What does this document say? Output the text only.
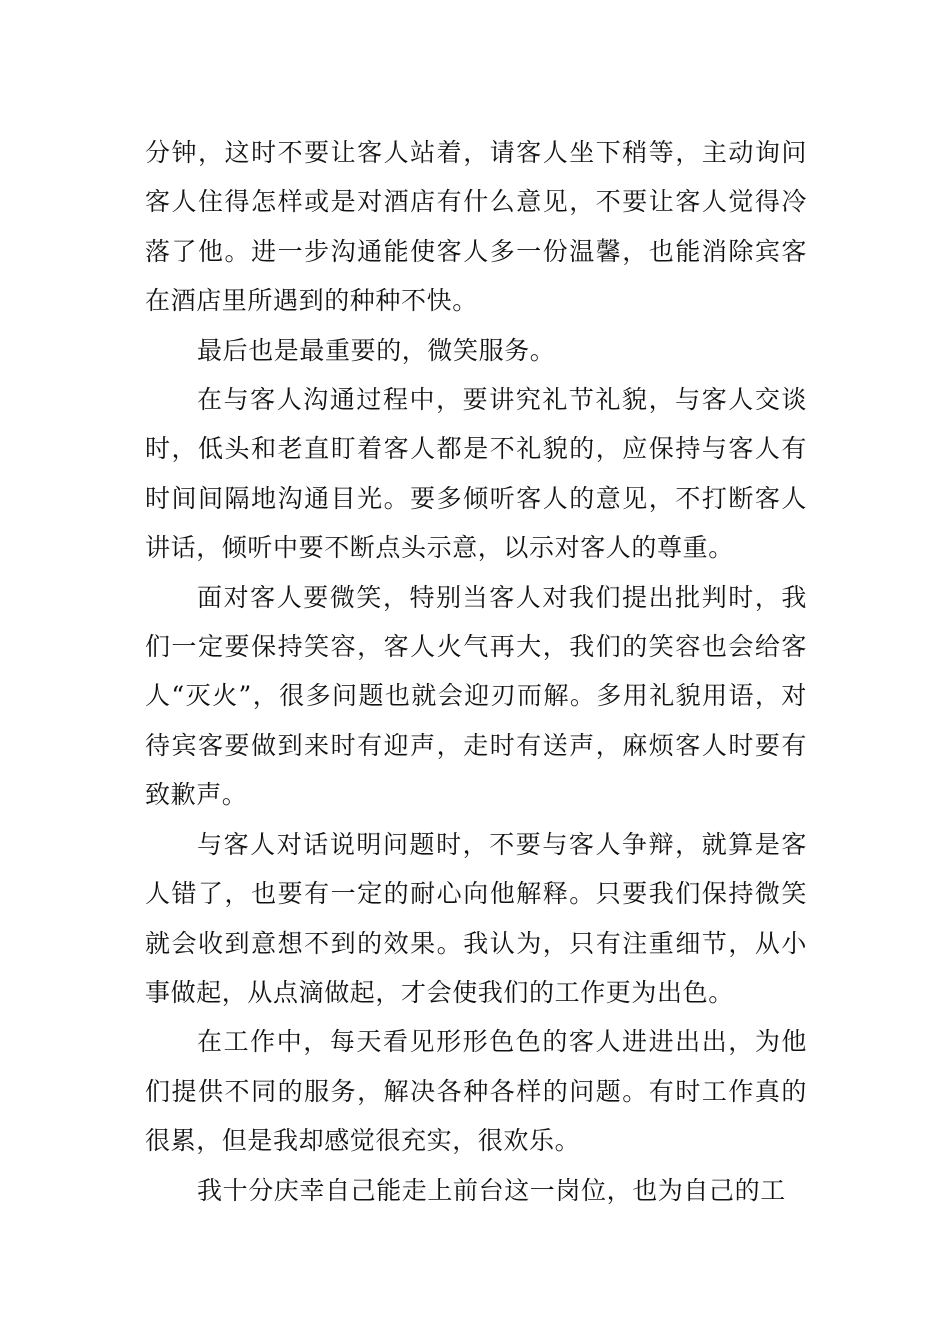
分钟，这时不要让客人站着，请客人坐下稍等，主动询问客人住得怎样或是对酒店有什么意见，不要让客人觉得冷落了他。进一步沟通能使客人多一份温馨，也能消除宾客在酒店里所遇到的种种不快。

最后也是最重要的，微笑服务。

在与客人沟通过程中，要讲究礼节礼貌，与客人交谈时，低头和老直盯着客人都是不礼貌的，应保持与客人有时间间隔地沟通目光。要多倾听客人的意见，不打断客人讲话，倾听中要不断点头示意，以示对客人的尊重。

面对客人要微笑，特别当客人对我们提出批判时，我们一定要保持笑容，客人火气再大，我们的笑容也会给客人“灭火”，很多问题也就会迎刃而解。多用礼貌用语，对待宾客要做到来时有迎声，走时有送声，麻烦客人时要有致歉声。

与客人对话说明问题时，不要与客人争辩，就算是客人错了，也要有一定的耐心向他解释。只要我们保持微笑就会收到意想不到的效果。我认为，只有注重细节，从小事做起，从点滴做起，才会使我们的工作更为出色。

在工作中，每天看见形形色色的客人进进出出，为他们提供不同的服务，解决各种各样的问题。有时工作真的很累，但是我却感觉很充实，很欢乐。

我十分庆幸自己能走上前台这一岗位，也为自己的工
